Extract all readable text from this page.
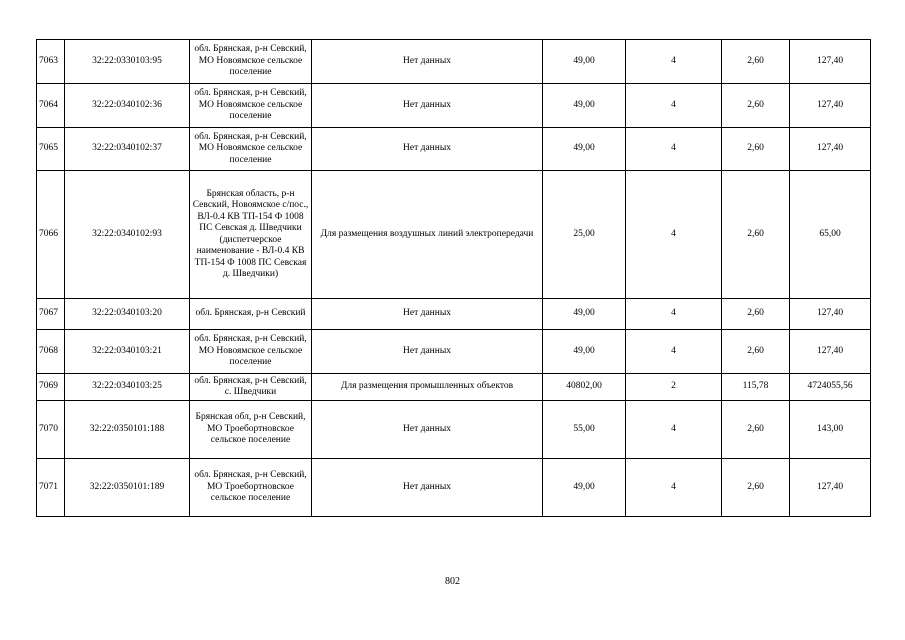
7063	32:22:0330103:95	обл. Брянская, р-н Севский, МО Новоямское сельское поселение	Нет данных	49,00	4	2,60	127,40
7064	32:22:0340102:36	обл. Брянская, р-н Севский, МО Новоямское сельское поселение	Нет данных	49,00	4	2,60	127,40
7065	32:22:0340102:37	обл. Брянская, р-н Севский, МО Новоямское сельское поселение	Нет данных	49,00	4	2,60	127,40
7066	32:22:0340102:93	Брянская область, р-н Севский, Новоямское с/пос., ВЛ-0.4 КВ ТП-154 Ф 1008 ПС Севская д. Шведчики (диспетчерское наименование - ВЛ-0.4 КВ ТП-154 Ф 1008 ПС Севская д. Шведчики)	Для размещения воздушных линий электропередачи	25,00	4	2,60	65,00
7067	32:22:0340103:20	обл. Брянская, р-н Севский	Нет данных	49,00	4	2,60	127,40
7068	32:22:0340103:21	обл. Брянская, р-н Севский, МО Новоямское сельское поселение	Нет данных	49,00	4	2,60	127,40
7069	32:22:0340103:25	обл. Брянская, р-н Севский, с. Шведчики	Для размещения промышленных объектов	40802,00	2	115,78	4724055,56
7070	32:22:0350101:188	Брянская обл, р-н Севский, МО Троебортновское сельское поселение	Нет данных	55,00	4	2,60	143,00
7071	32:22:0350101:189	обл. Брянская, р-н Севский, МО Троебортновское сельское поселение	Нет данных	49,00	4	2,60	127,40
802
